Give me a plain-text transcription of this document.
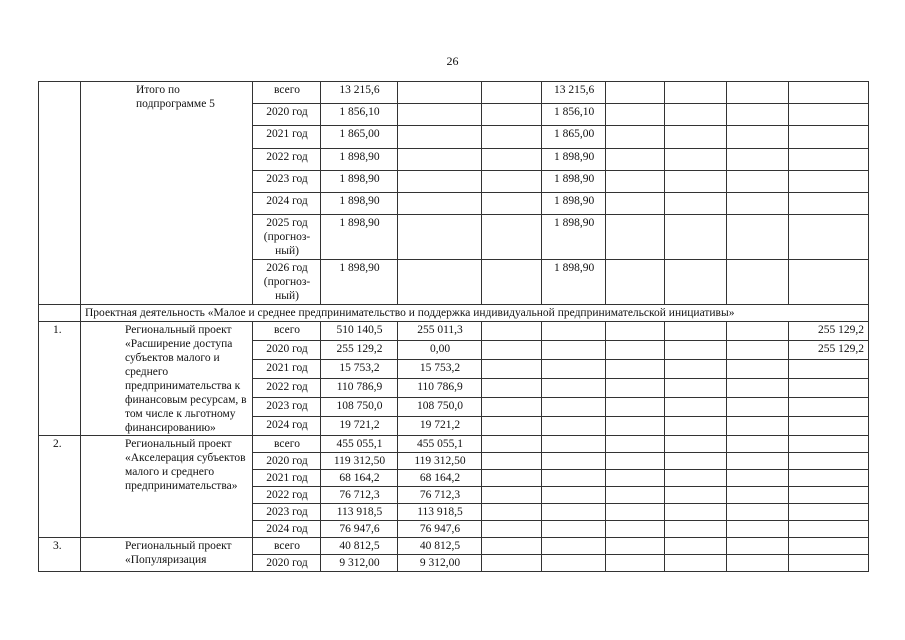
26
	Итого по подпрограмме 5	всего	13 215,6			13 215,6				
		2020 год	1 856,10			1 856,10				
		2021 год	1 865,00			1 865,00				
		2022 год	1 898,90			1 898,90				
		2023 год	1 898,90			1 898,90				
		2024 год	1 898,90			1 898,90				
		2025 год (прогноз-ный)	1 898,90			1 898,90				
		2026 год (прогноз-ный)	1 898,90			1 898,90				
	Проектная деятельность «Малое и среднее предпринимательство и поддержка индивидуальной предпринимательской инициативы»									
1.	Региональный проект «Расширение доступа субъектов малого и среднего предпринимательства к финансовым ресурсам, в том числе к льготному финансированию»	всего	510 140,5	255 011,3						255 129,2
		2020 год	255 129,2	0,00						255 129,2
		2021 год	15 753,2	15 753,2						
		2022 год	110 786,9	110 786,9						
		2023 год	108 750,0	108 750,0						
		2024 год	19 721,2	19 721,2						
2.	Региональный проект «Акселерация субъектов малого и среднего предпринимательства»	всего	455 055,1	455 055,1						
		2020 год	119 312,50	119 312,50						
		2021 год	68 164,2	68 164,2						
		2022 год	76 712,3	76 712,3						
		2023 год	113 918,5	113 918,5						
		2024 год	76 947,6	76 947,6						
3.	Региональный проект «Популяризация	всего	40 812,5	40 812,5						
		2020 год	9 312,00	9 312,00						
